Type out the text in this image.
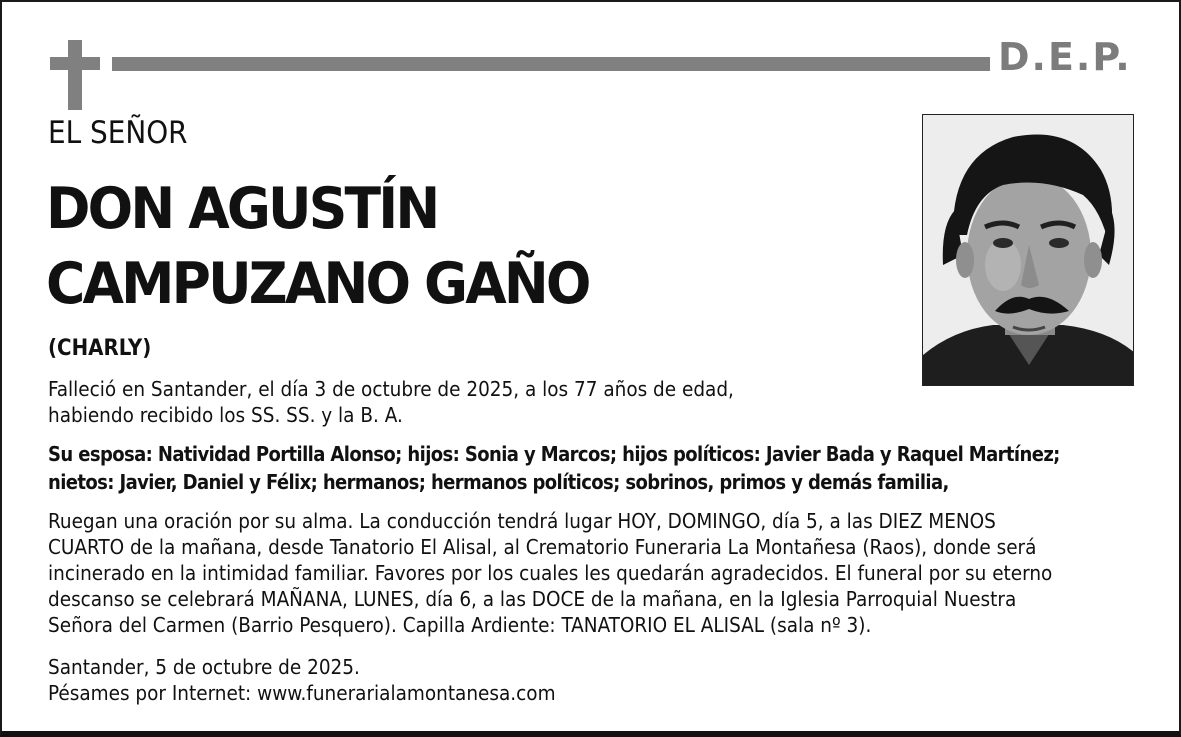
D.E.P.
EL SEÑOR
DON AGUSTÍN
CAMPUZANO GAÑO
(CHARLY)

Falleció en Santander, el día 3 de octubre de 2025, a los 77 años de edad,
habiendo recibido los SS. SS. y la B. A.

Su esposa: Natividad Portilla Alonso; hijos: Sonia y Marcos; hijos políticos: Javier Bada y Raquel Martínez;
nietos: Javier, Daniel y Félix; hermanos; hermanos políticos; sobrinos, primos y demás familia,

Ruegan una oración por su alma. La conducción tendrá lugar HOY, DOMINGO, día 5, a las DIEZ MENOS
CUARTO de la mañana, desde Tanatorio El Alisal, al Crematorio Funeraria La Montañesa (Raos), donde será
incinerado en la intimidad familiar. Favores por los cuales les quedarán agradecidos. El funeral por su eterno
descanso se celebrará MAÑANA, LUNES, día 6, a las DOCE de la mañana, en la Iglesia Parroquial Nuestra
Señora del Carmen (Barrio Pesquero). Capilla Ardiente: TANATORIO EL ALISAL (sala nº 3).

Santander, 5 de octubre de 2025.
Pésames por Internet: www.funerarialamontanesa.com
